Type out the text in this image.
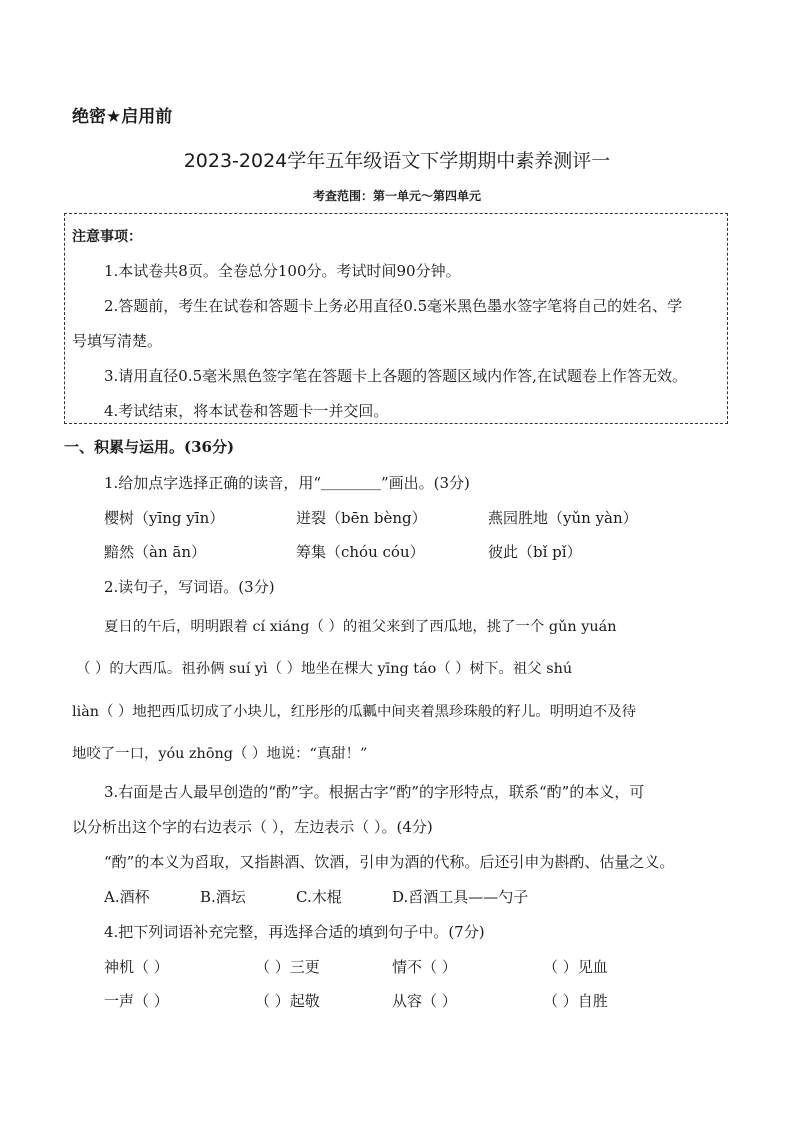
绝密★启用前
2023-2024学年五年级语文下学期期中素养测评一
考查范围：第一单元～第四单元
注意事项：
1.本试卷共8页。全卷总分100分。考试时间90分钟。
2.答题前，考生在试卷和答题卡上务必用直径0.5毫米黑色墨水签字笔将自己的姓名、学
号填写清楚。
3.请用直径0.5毫米黑色签字笔在答题卡上各题的答题区域内作答,在试题卷上作答无效。
4.考试结束，将本试卷和答题卡一并交回。
一、积累与运用。(36分)
1.给加点字选择正确的读音，用“＿＿＿＿”画出。(3分)
樱树（yīng yīn）	迸裂（bēn bèng）	燕园胜地（yǔn yàn）
黯然（àn ān）	筹集（chóu cóu）	彼此（bǐ pǐ）
2.读句子，写词语。(3分)
夏日的午后，明明跟着 cí xiáng（ ）的祖父来到了西瓜地，挑了一个 gǔn yuán
（ ）的大西瓜。祖孙俩 suí yì（ ）地坐在棵大 yīng táo（ ）树下。祖父 shú
liàn（ ）地把西瓜切成了小块儿，红彤彤的瓜瓤中间夹着黑珍珠般的籽儿。明明迫不及待
地咬了一口，yóu zhōng（ ）地说：“真甜！”
3.右面是古人最早创造的“酌”字。根据古字“酌”的字形特点，联系“酌”的本义，可
以分析出这个字的右边表示（ ），左边表示（ ）。(4分)
“酌”的本义为舀取，又指斟酒、饮酒，引申为酒的代称。后还引申为斟酌、估量之义。
A.酒杯	B.酒坛	C.木棍	D.舀酒工具——勺子
4.把下列词语补充完整，再选择合适的填到句子中。(7分)
神机（ ）	（ ）三更	情不（ ）	（ ）见血
一声（ ）	（ ）起敬	从容（ ）	（ ）自胜
